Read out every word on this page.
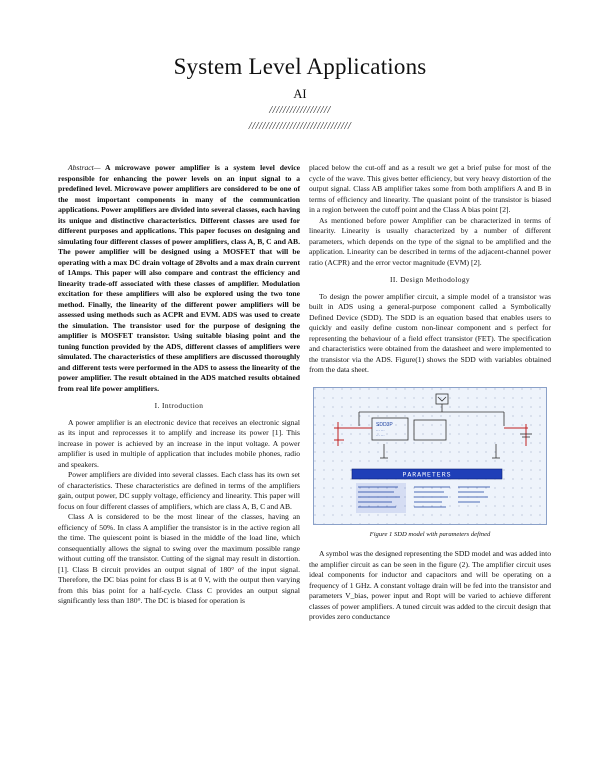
System Level Applications
AI
//////////////////
//////////////////////////////

Abstract— A microwave power amplifier is a system level device responsible for enhancing the power levels on an input signal to a predefined level. Microwave power amplifiers are considered to be one of the most important components in many of the communication applications. Power amplifiers are divided into several classes, each having its unique and distinctive characteristics. Different classes are used for different purposes and applications. This paper focuses on designing and simulating four different classes of power amplifiers, class A, B, C and AB. The power amplifier will be designed using a MOSFET that will be operating with a max DC drain voltage of 28volts and a max drain current of 1Amps. This paper will also compare and contrast the efficiency and linearity trade-off associated with these classes of amplifier. Modulation excitation for these amplifiers will also be explored using the two tone method. Finally, the linearity of the different power amplifiers will be assessed using methods such as ACPR and EVM. ADS was used to create the simulation. The transistor used for the purpose of designing the amplifier is MOSFET transistor. Using suitable biasing point and the tuning function provided by the ADS, different classes of amplifiers were simulated. The characteristics of these amplifiers are discussed thoroughly and different tests were performed in the ADS to assess the linearity of the power amplifier. The result obtained in the ADS matched results obtained from real life power amplifiers.

I. Introduction

A power amplifier is an electronic device that receives an electronic signal as its input and reprocesses it to amplify and increase its power [1]. This increase in power is achieved by an increase in the input voltage. A power amplifier is used in multiple of application that includes mobile phones, radio and speakers.

Power amplifiers are divided into several classes. Each class has its own set of characteristics. These characteristics are defined in terms of the amplifiers gain, output power, DC supply voltage, efficiency and linearity. This paper will focus on four different classes of amplifiers, which are class A, B, C and AB.

Class A is considered to be the most linear of the classes, having an efficiency of 50%. In class A amplifier the transistor is in the active region all the time. The quiescent point is biased in the middle of the load line, which consequentially allows the signal to swing over the maximum possible range without cutting off the transistor. Cutting of the signal may result in distortion. [1]. Class B circuit provides an output signal of 180° of the input signal. Therefore, the DC bias point for class B is at 0 V, with the output then varying from this bias point for a half-cycle. Class C provides an output signal significantly less than 180°. The DC is biased for operation is

placed below the cut-off and as a result we get a brief pulse for most of the cycle of the wave. This gives better efficiency, but very heavy distortion of the output signal. Class AB amplifier takes some from both amplifiers A and B in terms of efficiency and linearity. The quasiant point of the transistor is biased in a region between the cutoff point and the Class A bias point [2].

As mentioned before power Amplifier can be characterized in terms of linearity. Linearity is usually characterized by a number of different parameters, which depends on the type of the signal to be amplified and the application. Linearity can be described in terms of the adjacent-channel power ratio (ACPR) and the error vector magnitude (EVM) [2].

II. Design Methodology

To design the power amplifier circuit, a simple model of a transistor was built in ADS using a general-purpose component called a Symbolically Defined Device (SDD). The SDD is an equation based that enables users to quickly and easily define custom non-linear component and s perfect for representing the behaviour of a field effect transistor (FET). The specification and characteristics were obtained from the datasheet and were implemented to the transistor via the ADS. Figure(1) shows the SDD with variables obtained from the data sheet.

SDD3P
··· ···
··· ···
PARAMETERS
Figure 1 SDD model with parameters defined

A symbol was the designed representing the SDD model and was added into the amplifier circuit as can be seen in the figure (2). The amplifier circuit uses ideal components for inductor and capacitors and will be operating on a frequency of 1 GHz. A constant voltage drain will be fed into the transistor and parameters V_bias, power input and Ropt will be varied to achieve different classes of power amplifiers. A tuned circuit was added to the circuit design that provides zero conductance
